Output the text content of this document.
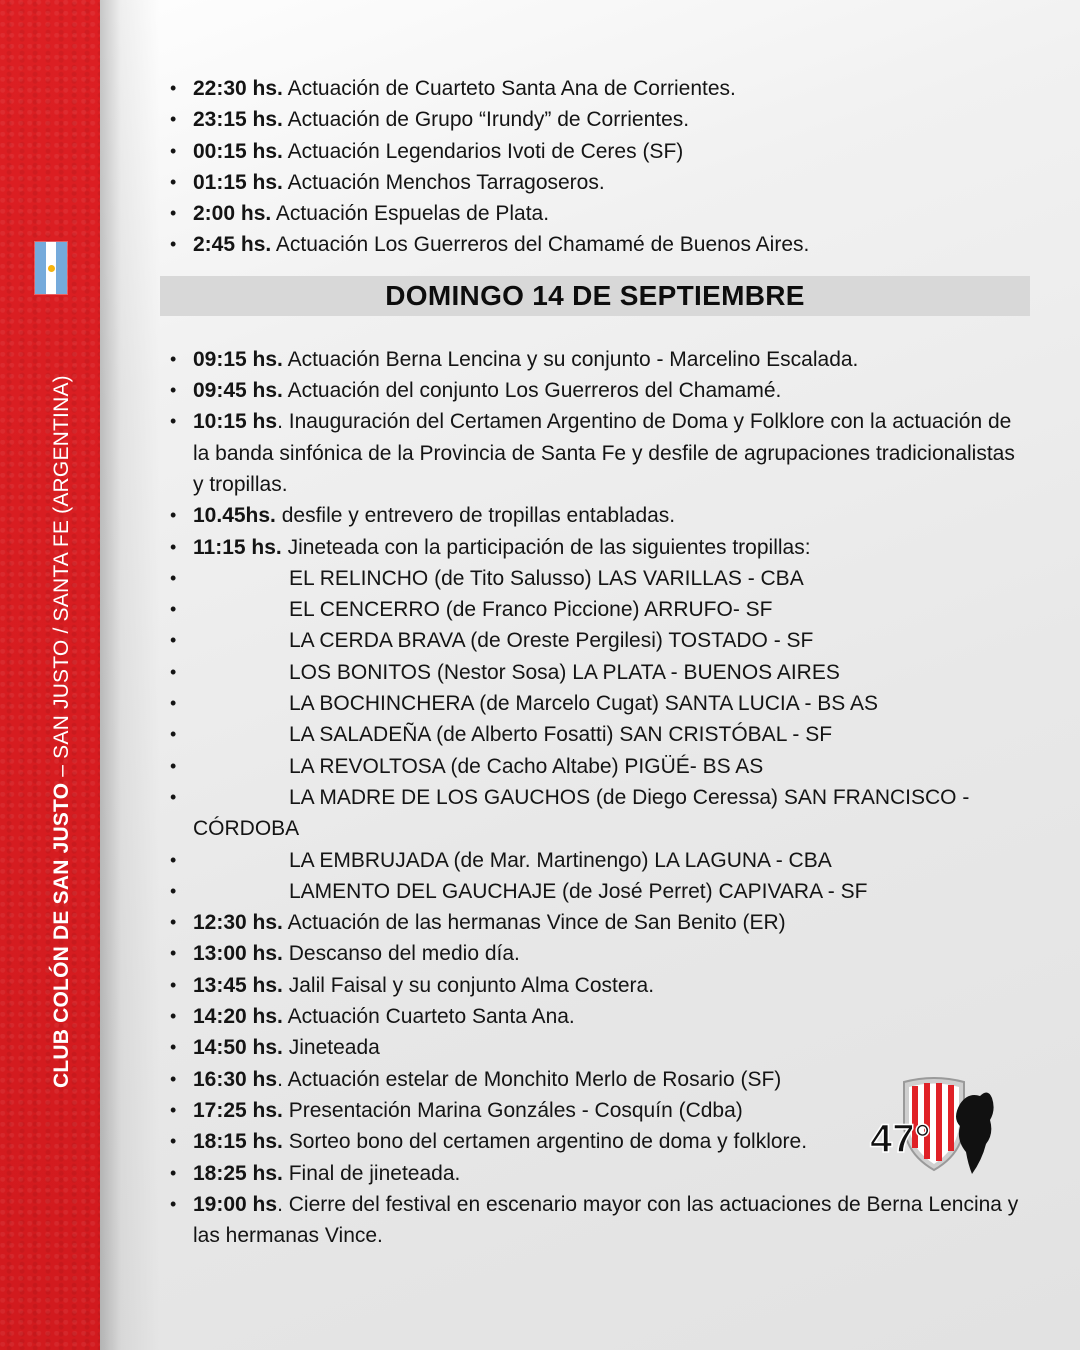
CLUB COLÓN DE SAN JUSTO – SAN JUSTO / SANTA FE (ARGENTINA)
• 22:30 hs. Actuación de Cuarteto Santa Ana de Corrientes.
• 23:15 hs. Actuación de Grupo “Irundy” de Corrientes.
• 00:15 hs. Actuación Legendarios Ivoti de Ceres (SF)
• 01:15 hs. Actuación Menchos Tarragoseros.
• 2:00 hs. Actuación Espuelas de Plata.
• 2:45 hs. Actuación Los Guerreros del Chamamé de Buenos Aires.
DOMINGO 14 DE SEPTIEMBRE
• 09:15 hs. Actuación Berna Lencina y su conjunto - Marcelino Escalada.
• 09:45 hs. Actuación del conjunto Los Guerreros del Chamamé.
• 10:15 hs. Inauguración del Certamen Argentino de Doma y Folklore con la actuación de la banda sinfónica de la Provincia de Santa Fe y desfile de agrupaciones tradicionalistas y tropillas.
• 10.45hs. desfile y entrevero de tropillas entabladas.
• 11:15 hs. Jineteada con la participación de las siguientes tropillas:
•	EL RELINCHO (de Tito Salusso) LAS VARILLAS - CBA
•	EL CENCERRO (de Franco Piccione) ARRUFO- SF
•	LA CERDA BRAVA (de Oreste Pergilesi) TOSTADO - SF
•	LOS BONITOS (Nestor Sosa) LA PLATA - BUENOS AIRES
•	LA BOCHINCHERA (de Marcelo Cugat) SANTA LUCIA - BS AS
•	LA SALADEÑA (de Alberto Fosatti) SAN CRISTÓBAL - SF
•	LA REVOLTOSA (de Cacho Altabe) PIGÜÉ- BS AS
•	LA MADRE DE LOS GAUCHOS (de Diego Ceressa) SAN FRANCISCO - CÓRDOBA
•	LA EMBRUJADA (de Mar. Martinengo) LA LAGUNA - CBA
•	LAMENTO DEL GAUCHAJE (de José Perret) CAPIVARA - SF
• 12:30 hs. Actuación de las hermanas Vince de San Benito (ER)
• 13:00 hs. Descanso del medio día.
• 13:45 hs. Jalil Faisal y su conjunto Alma Costera.
• 14:20 hs. Actuación Cuarteto Santa Ana.
• 14:50 hs. Jineteada
• 16:30 hs. Actuación estelar de Monchito Merlo de Rosario (SF)
• 17:25 hs. Presentación Marina Gonzáles - Cosquín (Cdba)
• 18:15 hs. Sorteo bono del certamen argentino de doma y folklore.
• 18:25 hs. Final de jineteada.
• 19:00 hs. Cierre del festival en escenario mayor con las actuaciones de Berna Lencina y las hermanas Vince.
47°
